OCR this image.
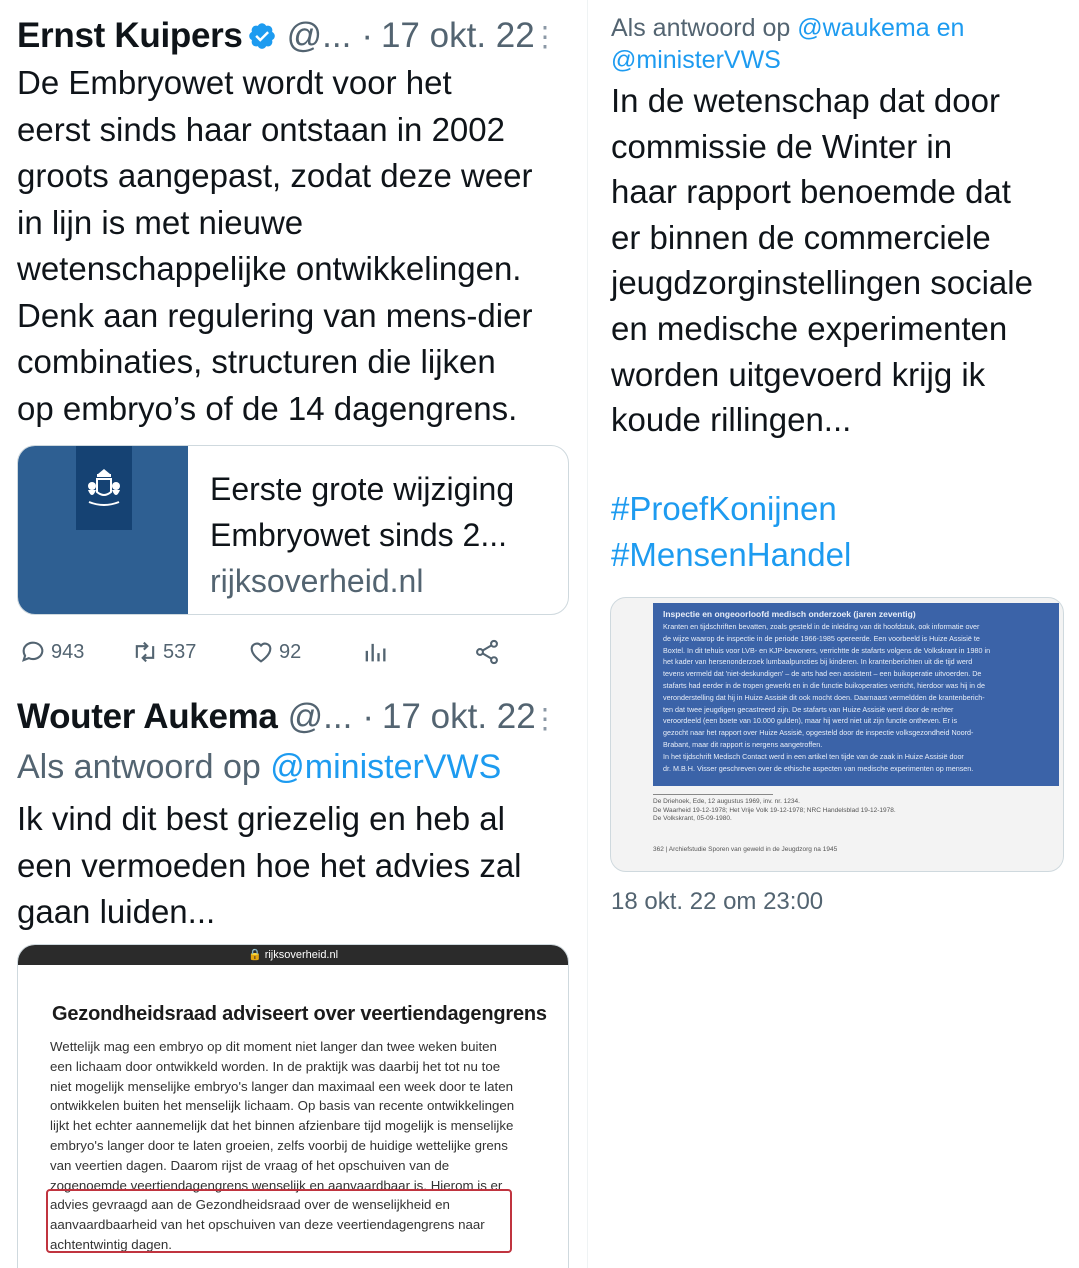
Ernst Kuipers @... · 17 okt. 22
⋮
De Embryowet wordt voor het
eerst sinds haar ontstaan in 2002
groots aangepast, zodat deze weer
in lijn is met nieuwe
wetenschappelijke ontwikkelingen.
Denk aan regulering van mens-dier
combinaties, structuren die lijken
op embryo’s of de 14 dagengrens.
Eerste grote wijziging
Embryowet sinds 2...
rijksoverheid.nl
943	537	92
Wouter Aukema @... · 17 okt. 22
⋮
Als antwoord op @ministerVWS
Ik vind dit best griezelig en heb al
een vermoeden hoe het advies zal
gaan luiden...
🔒 rijksoverheid.nl
Gezondheidsraad adviseert over veertiendagengrens
Wettelijk mag een embryo op dit moment niet langer dan twee weken buiten
een lichaam door ontwikkeld worden. In de praktijk was daarbij het tot nu toe
niet mogelijk menselijke embryo's langer dan maximaal een week door te laten
ontwikkelen buiten het menselijk lichaam. Op basis van recente ontwikkelingen
lijkt het echter aannemelijk dat het binnen afzienbare tijd mogelijk is menselijke
embryo's langer door te laten groeien, zelfs voorbij de huidige wettelijke grens
van veertien dagen. Daarom rijst de vraag of het opschuiven van de
zogenoemde veertiendagengrens wenselijk en aanvaardbaar is. Hierom is er
advies gevraagd aan de Gezondheidsraad over de wenselijkheid en
aanvaardbaarheid van het opschuiven van deze veertiendagengrens naar
achtentwintig dagen.
Als antwoord op @waukema en
@ministerVWS
In de wetenschap dat door
commissie de Winter in
haar rapport benoemde dat
er binnen de commerciele
jeugdzorginstellingen sociale
en medische experimenten
worden uitgevoerd krijg ik
koude rillingen...
#ProefKonijnen
#MensenHandel
Inspectie en ongeoorloofd medisch onderzoek (jaren zeventig)
Kranten en tijdschriften bevatten, zoals gesteld in de inleiding van dit hoofdstuk, ook informatie over
de wijze waarop de inspectie in de periode 1966-1985 opereerde. Een voorbeeld is Huize Assisië te
Boxtel. In dit tehuis voor LVB- en KJP-bewoners, verrichtte de stafarts volgens de Volkskrant in 1980 in
het kader van hersenonderzoek lumbaalpuncties bij kinderen. In krantenberichten uit die tijd werd
tevens vermeld dat 'niet-deskundigen' – de arts had een assistent – een buikoperatie uitvoerden. De
stafarts had eerder in de tropen gewerkt en in die functie buikoperaties verricht, hierdoor was hij in de
veronderstelling dat hij in Huize Assisië dit ook mocht doen. Daarnaast vermeldden de krantenberich-
ten dat twee jeugdigen gecastreerd zijn. De stafarts van Huize Assisië werd door de rechter
veroordeeld (een boete van 10.000 gulden), maar hij werd niet uit zijn functie ontheven. Er is
gezocht naar het rapport over Huize Assisië, opgesteld door de inspectie volksgezondheid Noord-
Brabant, maar dit rapport is nergens aangetroffen.
In het tijdschrift Medisch Contact werd in een artikel ten tijde van de zaak in Huize Assisië door
dr. M.B.H. Visser geschreven over de ethische aspecten van medische experimenten op mensen.
De Driehoek, Ede, 12 augustus 1969, inv. nr. 1234.
De Waarheid 19-12-1978; Het Vrije Volk 19-12-1978; NRC Handelsblad 19-12-1978.
De Volkskrant, 05-09-1980.
362 | Archiefstudie Sporen van geweld in de Jeugdzorg na 1945
18 okt. 22 om 23:00
